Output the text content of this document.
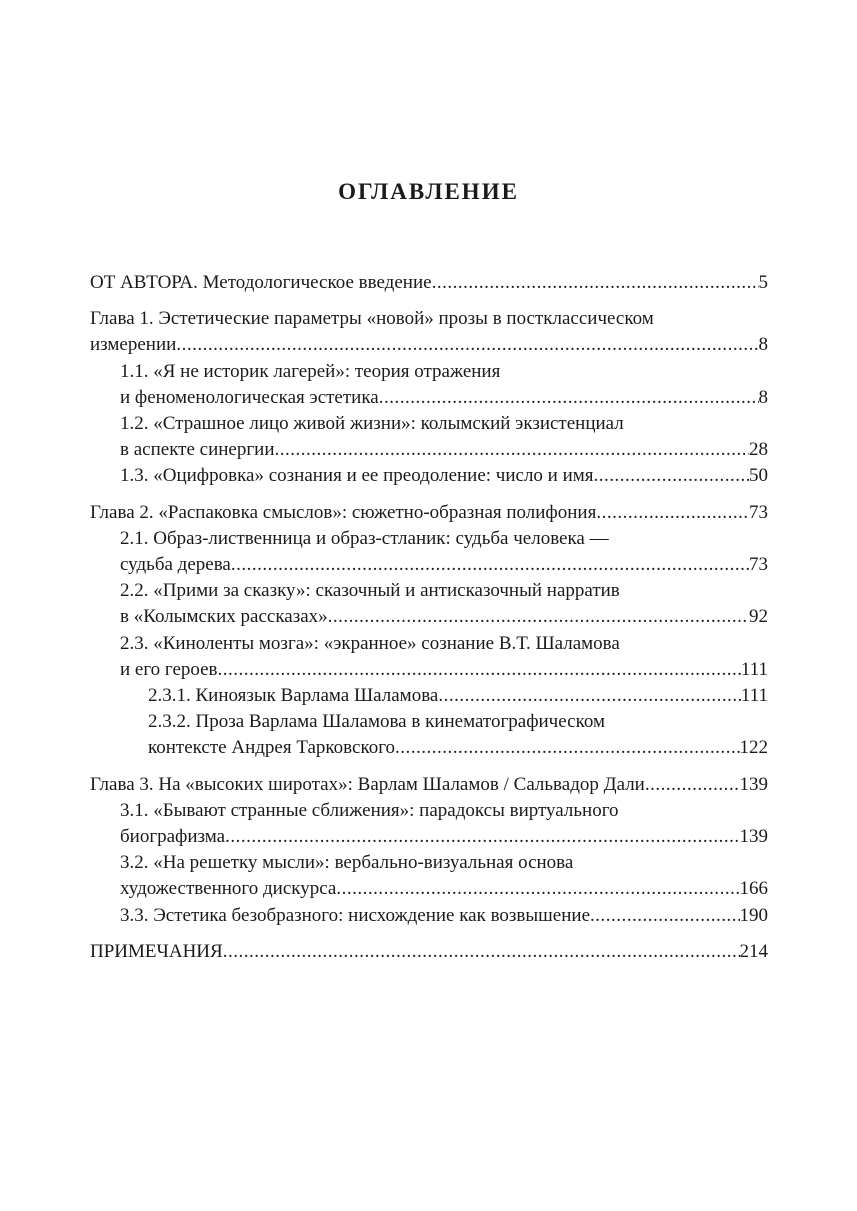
ОГЛАВЛЕНИЕ
ОТ АВТОРА. Методологическое введение .....	5
Глава 1. Эстетические параметры «новой» прозы в постклассическом
измерении .....	8
1.1. «Я не историк лагерей»: теория отражения
и феноменологическая эстетика .....	8
1.2. «Страшное лицо живой жизни»: колымский экзистенциал
в аспекте синергии .....	28
1.3. «Оцифровка» сознания и ее преодоление: число и имя .....	50
Глава 2. «Распаковка смыслов»: сюжетно-образная полифония .....	73
2.1. Образ-лиственница и образ-стланик: судьба человека —
судьба дерева .....	73
2.2. «Прими за сказку»: сказочный и антисказочный нарратив
в «Колымских рассказах» .....	92
2.3. «Киноленты мозга»: «экранное» сознание В.Т. Шаламова
и его героев .....	111
2.3.1. Киноязык Варлама Шаламова .....	111
2.3.2. Проза Варлама Шаламова в кинематографическом
контексте Андрея Тарковского .....	122
Глава 3. На «высоких широтах»: Варлам Шаламов / Сальвадор Дали .....	139
3.1. «Бывают странные сближения»: парадоксы виртуального
биографизма .....	139
3.2. «На решетку мысли»: вербально-визуальная основа
художественного дискурса .....	166
3.3. Эстетика безобразного: нисхождение как возвышение .....	190
ПРИМЕЧАНИЯ .....	214
